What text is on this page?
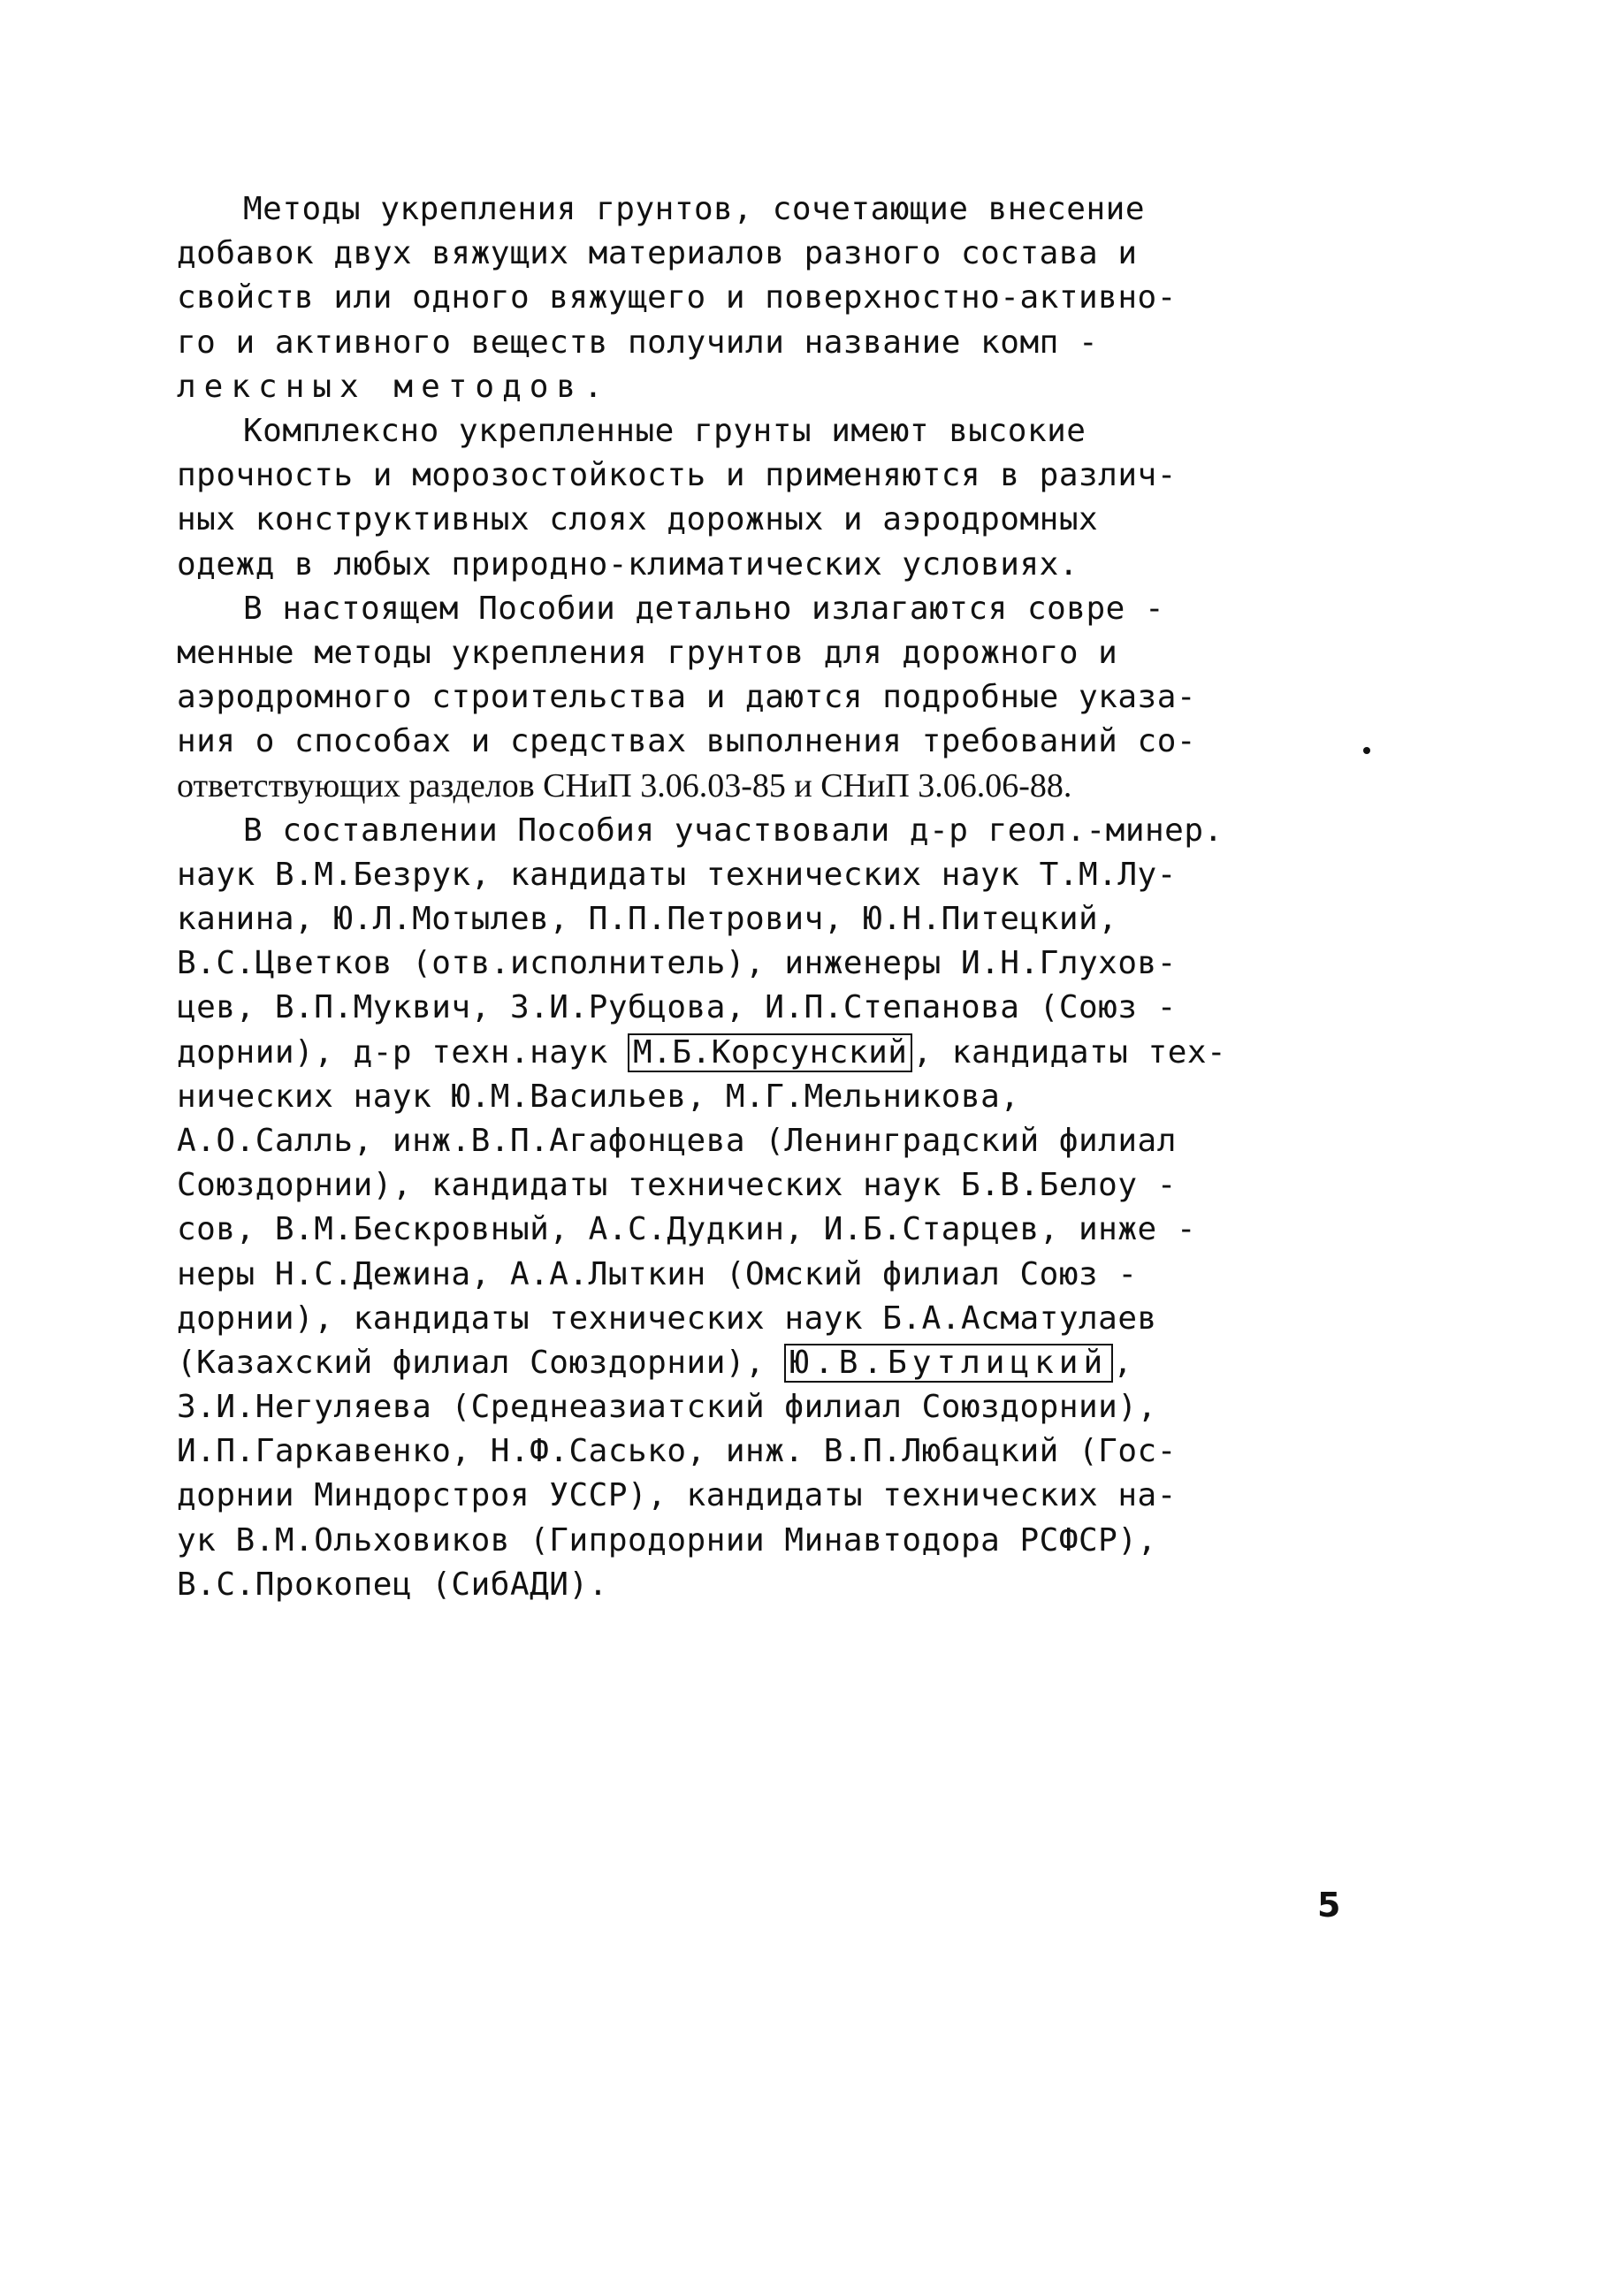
Методы укрепления грунтов, сочетающие внесение
добавок двух вяжущих материалов разного состава и
свойств или одного вяжущего и поверхностно-активно-
го и активного веществ получили название комп -
лексных методов.
Комплексно укрепленные грунты имеют высокие
прочность и морозостойкость и применяются в различ-
ных конструктивных слоях дорожных и аэродромных
одежд в любых природно-климатических условиях.
В настоящем Пособии детально излагаются совре -
менные методы укрепления грунтов для дорожного и
аэродромного строительства и даются подробные указа-
ния о способах и средствах выполнения требований со-
ответствующих разделов СНиП 3.06.03-85 и СНиП 3.06.06-88.
В составлении Пособия участвовали д-р геол.-минер.
наук В.М.Безрук, кандидаты технических наук Т.М.Лу-
канина, Ю.Л.Мотылев, П.П.Петрович, Ю.Н.Питецкий,
В.С.Цветков (отв.исполнитель), инженеры И.Н.Глухов-
цев, В.П.Муквич, З.И.Рубцова, И.П.Степанова (Союз -
дорнии), д-р техн.наук М.Б.Корсунский , кандидаты тех-
нических наук Ю.М.Васильев, М.Г.Мельникова,
А.О.Салль, инж.В.П.Агафонцева (Ленинградский филиал
Союздорнии), кандидаты технических наук Б.В.Белоу -
сов, В.М.Бескровный, А.С.Дудкин, И.Б.Старцев, инже -
неры Н.С.Дежина, А.А.Лыткин (Омский филиал Союз -
дорнии), кандидаты технических наук Б.А.Асматулаев
(Казахский филиал Союздорнии), Ю.В.Бутлицкий ,
З.И.Негуляева (Среднеазиатский филиал Союздорнии),
И.П.Гаркавенко, Н.Ф.Сасько, инж. В.П.Любацкий (Гос-
дорнии Миндорстроя УССР), кандидаты технических на-
ук В.М.Ольховиков (Гипродорнии Минавтодора РСФСР),
В.С.Прокопец (СибАДИ).
5
